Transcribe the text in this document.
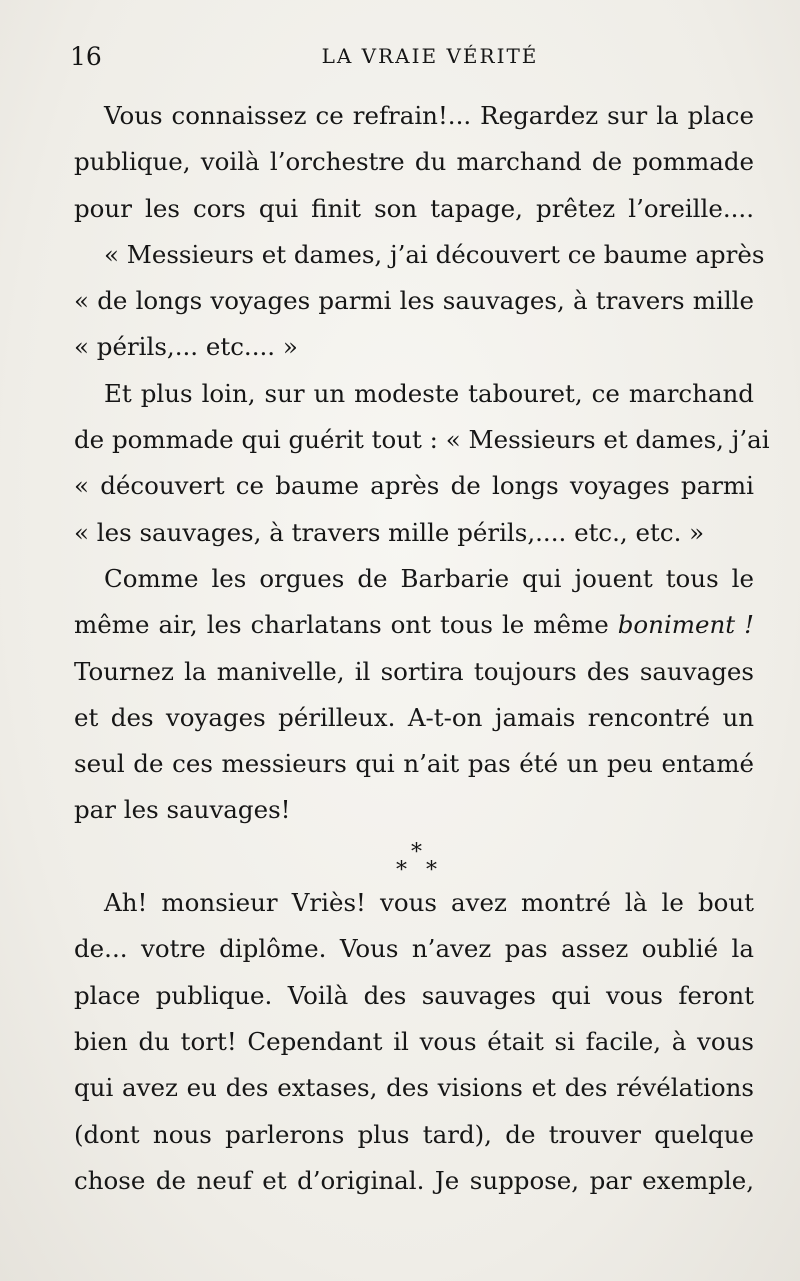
16	LA VRAIE VÉRITÉ
Vous connaissez ce refrain!... Regardez sur la place
publique, voilà l’orchestre du marchand de pommade
pour les cors qui finit son tapage, prêtez l’oreille....
« Messieurs et dames, j’ai découvert ce baume après
« de longs voyages parmi les sauvages, à travers mille
« périls,... etc.... »
Et plus loin, sur un modeste tabouret, ce marchand
de pommade qui guérit tout : « Messieurs et dames, j’ai
« découvert ce baume après de longs voyages parmi
« les sauvages, à travers mille périls,.... etc., etc. »
Comme les orgues de Barbarie qui jouent tous le
même air, les charlatans ont tous le même boniment !
Tournez la manivelle, il sortira toujours des sauvages
et des voyages périlleux. A-t-on jamais rencontré un
seul de ces messieurs qui n’ait pas été un peu entamé
par les sauvages!
*
* *
Ah! monsieur Vriès! vous avez montré là le bout
de... votre diplôme. Vous n’avez pas assez oublié la
place publique. Voilà des sauvages qui vous feront
bien du tort! Cependant il vous était si facile, à vous
qui avez eu des extases, des visions et des révélations
(dont nous parlerons plus tard), de trouver quelque
chose de neuf et d’original. Je suppose, par exemple,
